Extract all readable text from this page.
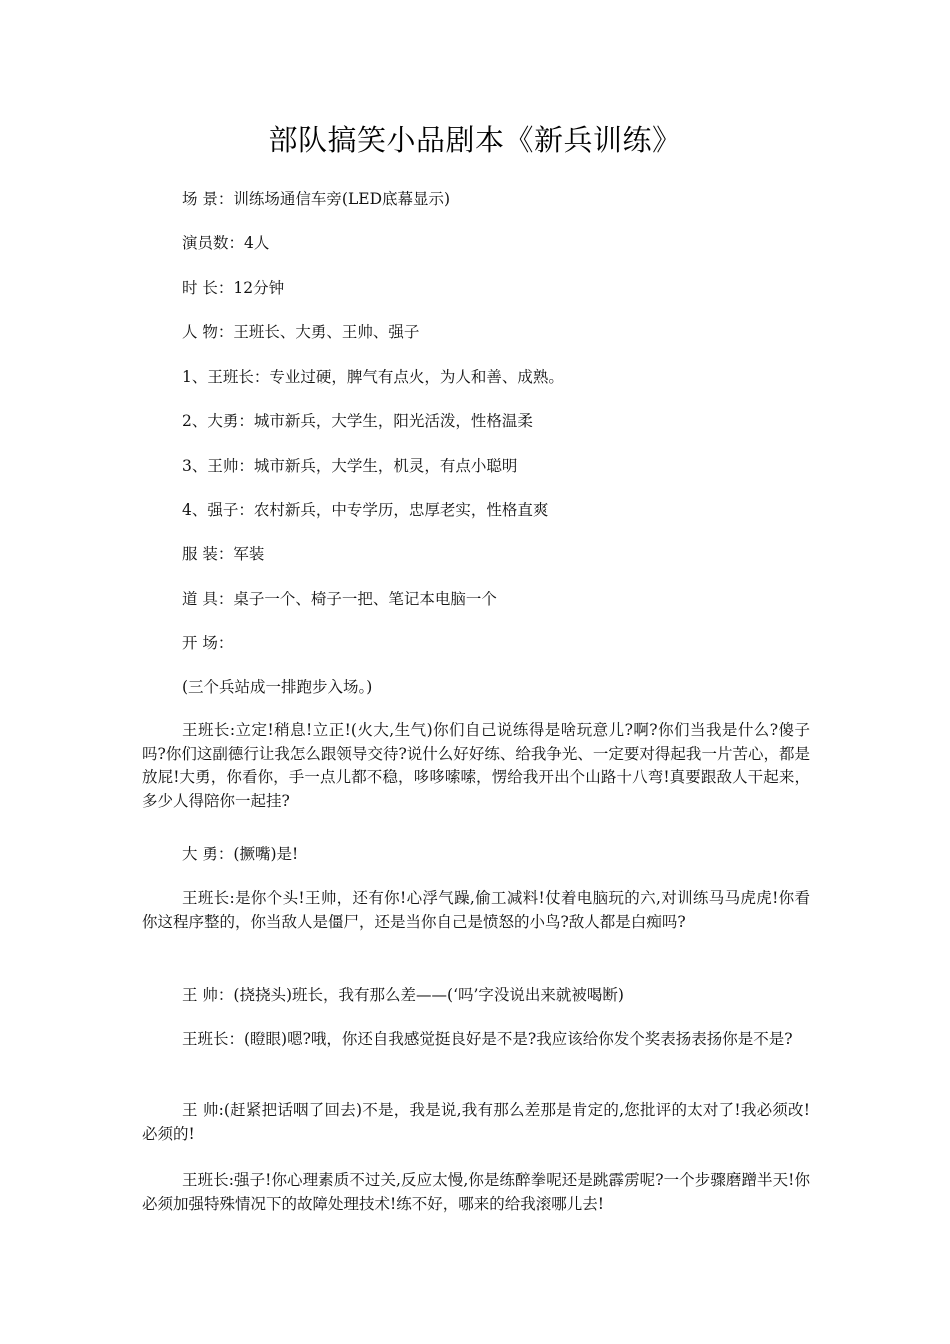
部队搞笑小品剧本《新兵训练》
场 景：训练场通信车旁(LED底幕显示)
演员数：4人
时 长：12分钟
人 物：王班长、大勇、王帅、强子
1、王班长：专业过硬，脾气有点火，为人和善、成熟。
2、大勇：城市新兵，大学生，阳光活泼，性格温柔
3、王帅：城市新兵，大学生，机灵，有点小聪明
4、强子：农村新兵，中专学历，忠厚老实，性格直爽
服 装：军装
道 具：桌子一个、椅子一把、笔记本电脑一个
开 场：
(三个兵站成一排跑步入场。)
王班长:立定!稍息!立正!(火大,生气)你们自己说练得是啥玩意儿?啊?你们当我是什么?傻子吗?你们这副德行让我怎么跟领导交待?说什么好好练、给我争光、一定要对得起我一片苦心，都是放屁!大勇，你看你，手一点儿都不稳，哆哆嗦嗦，愣给我开出个山路十八弯!真要跟敌人干起来，多少人得陪你一起挂?
大 勇：(撅嘴)是!
王班长:是你个头!王帅，还有你!心浮气躁,偷工减料!仗着电脑玩的六,对训练马马虎虎!你看你这程序整的，你当敌人是僵尸，还是当你自己是愤怒的小鸟?敌人都是白痴吗?
王 帅：(挠挠头)班长，我有那么差——(‘吗’字没说出来就被喝断)
王班长：(瞪眼)嗯?哦，你还自我感觉挺良好是不是?我应该给你发个奖表扬表扬你是不是?
王 帅:(赶紧把话咽了回去)不是，我是说,我有那么差那是肯定的,您批评的太对了!我必须改!必须的!
王班长:强子!你心理素质不过关,反应太慢,你是练醉拳呢还是跳霹雳呢?一个步骤磨蹭半天!你必须加强特殊情况下的故障处理技术!练不好，哪来的给我滚哪儿去!
